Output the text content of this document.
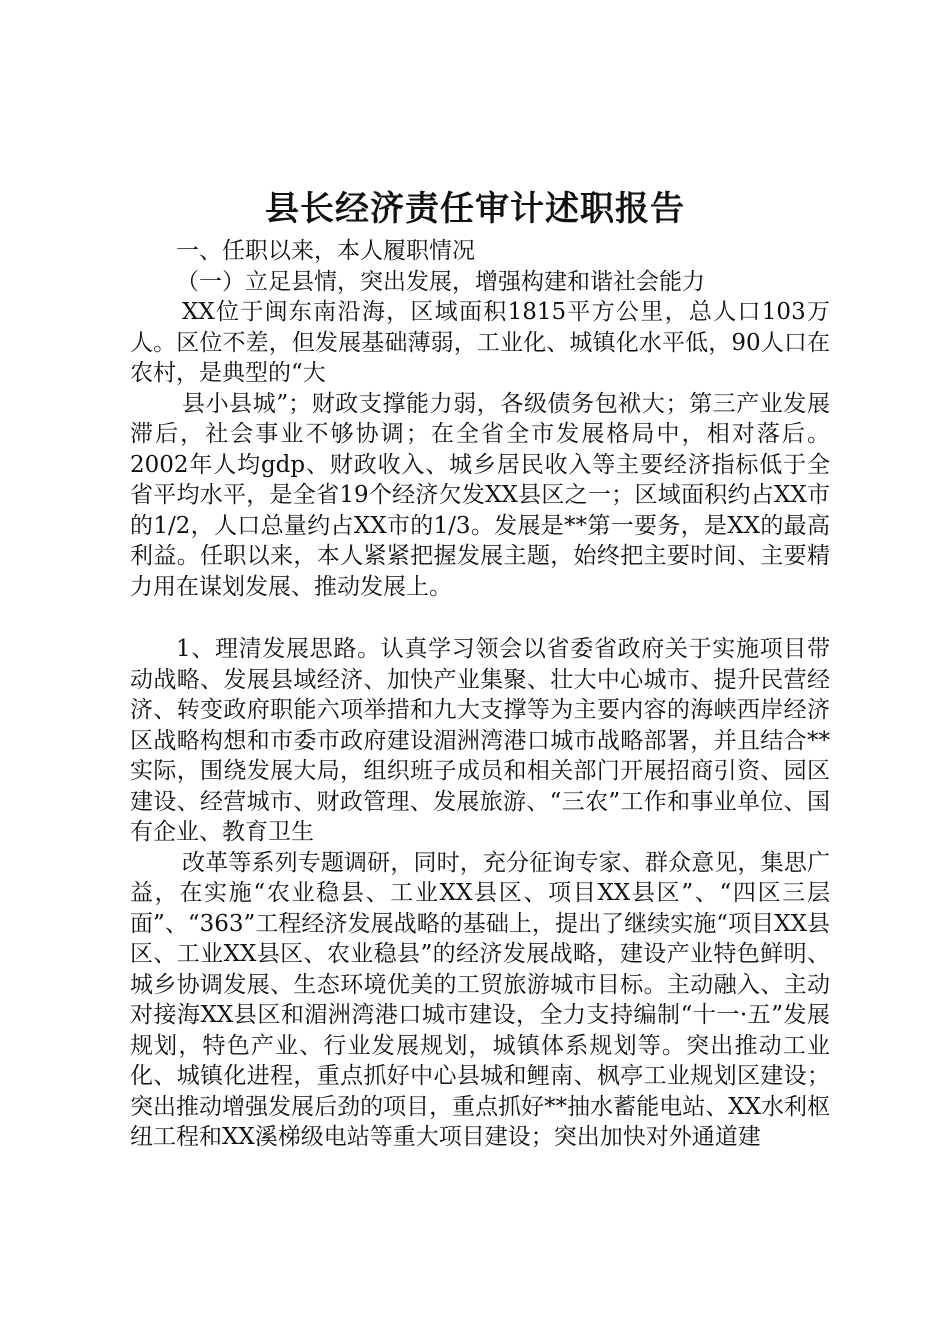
县长经济责任审计述职报告

一、任职以来，本人履职情况

（一）立足县情，突出发展，增强构建和谐社会能力

XX位于闽东南沿海，区域面积1815平方公里，总人口103万人。区位不差，但发展基础薄弱，工业化、城镇化水平低，90人口在农村，是典型的“大

县小县城”；财政支撑能力弱，各级债务包袱大；第三产业发展滞后，社会事业不够协调；在全省全市发展格局中，相对落后。2002年人均gdp、财政收入、城乡居民收入等主要经济指标低于全省平均水平，是全省19个经济欠发XX县区之一；区域面积约占XX市的1/2，人口总量约占XX市的1/3。发展是**第一要务，是XX的最高利益。任职以来，本人紧紧把握发展主题，始终把主要时间、主要精力用在谋划发展、推动发展上。

1、理清发展思路。认真学习领会以省委省政府关于实施项目带动战略、发展县域经济、加快产业集聚、壮大中心城市、提升民营经济、转变政府职能六项举措和九大支撑等为主要内容的海峡西岸经济区战略构想和市委市政府建设湄洲湾港口城市战略部署，并且结合**实际，围绕发展大局，组织班子成员和相关部门开展招商引资、园区建设、经营城市、财政管理、发展旅游、“三农”工作和事业单位、国有企业、教育卫生

改革等系列专题调研，同时，充分征询专家、群众意见，集思广益，在实施“农业稳县、工业XX县区、项目XX县区”、“四区三层面”、“363”工程经济发展战略的基础上，提出了继续实施“项目XX县区、工业XX县区、农业稳县”的经济发展战略，建设产业特色鲜明、城乡协调发展、生态环境优美的工贸旅游城市目标。主动融入、主动对接海XX县区和湄洲湾港口城市建设，全力支持编制“十一·五”发展规划，特色产业、行业发展规划，城镇体系规划等。突出推动工业化、城镇化进程，重点抓好中心县城和鲤南、枫亭工业规划区建设；突出推动增强发展后劲的项目，重点抓好**抽水蓄能电站、XX水利枢纽工程和XX溪梯级电站等重大项目建设；突出加快对外通道建
